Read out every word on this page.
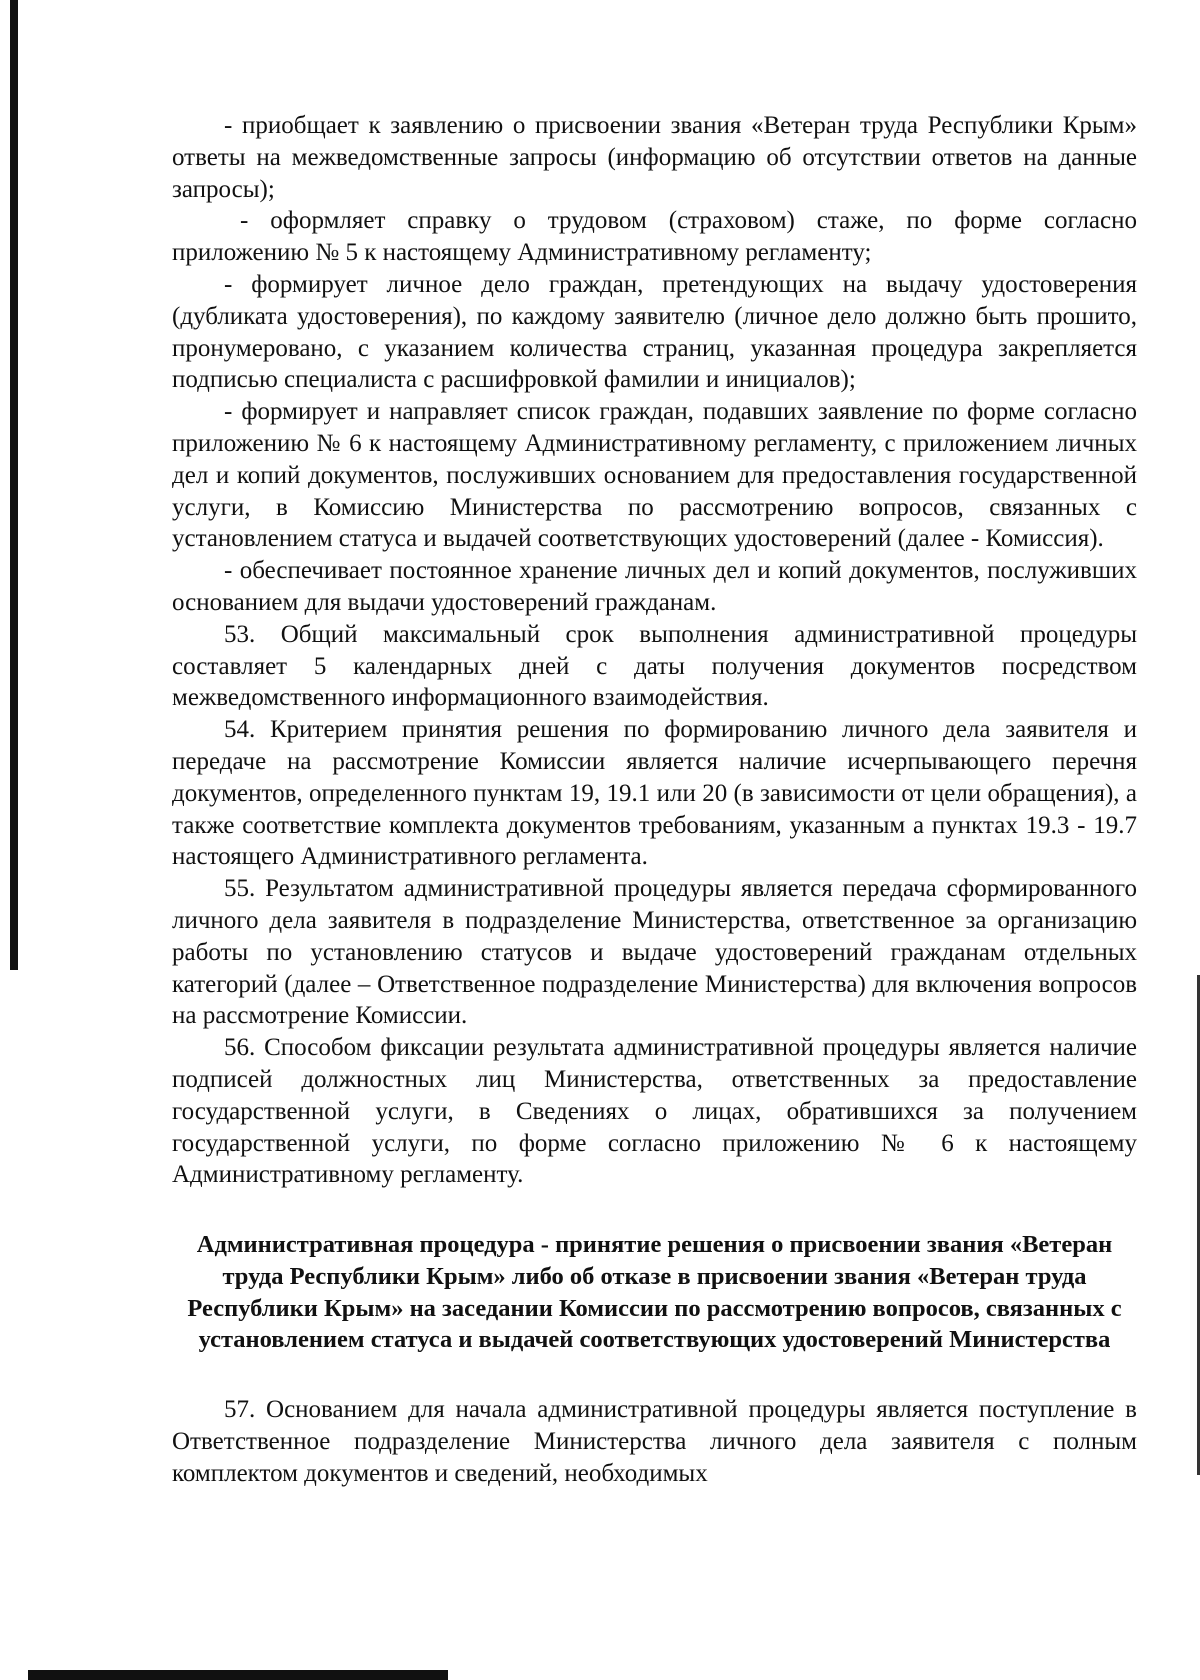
- приобщает к заявлению о присвоении звания «Ветеран труда Республики Крым» ответы на межведомственные запросы (информацию об отсутствии ответов на данные запросы);

- оформляет справку о трудовом (страховом) стаже, по форме согласно приложению № 5 к настоящему Административному регламенту;

- формирует личное дело граждан, претендующих на выдачу удостоверения (дубликата удостоверения), по каждому заявителю (личное дело должно быть прошито, пронумеровано, с указанием количества страниц, указанная процедура закрепляется подписью специалиста с расшифровкой фамилии и инициалов);

- формирует и направляет список граждан, подавших заявление по форме согласно приложению № 6 к настоящему Административному регламенту, с приложением личных дел и копий документов, послуживших основанием для предоставления государственной услуги, в Комиссию Министерства по рассмотрению вопросов, связанных с установлением статуса и выдачей соответствующих удостоверений (далее - Комиссия).

- обеспечивает постоянное хранение личных дел и копий документов, послуживших основанием для выдачи удостоверений гражданам.

53. Общий максимальный срок выполнения административной процедуры составляет 5 календарных дней с даты получения документов посредством межведомственного информационного взаимодействия.

54. Критерием принятия решения по формированию личного дела заявителя и передаче на рассмотрение Комиссии является наличие исчерпывающего перечня документов, определенного пунктам 19, 19.1 или 20 (в зависимости от цели обращения), а также соответствие комплекта документов требованиям, указанным а пунктах 19.3 - 19.7 настоящего Административного регламента.

55. Результатом административной процедуры является передача сформированного личного дела заявителя в подразделение Министерства, ответственное за организацию работы по установлению статусов и выдаче удостоверений гражданам отдельных категорий (далее – Ответственное подразделение Министерства) для включения вопросов на рассмотрение Комиссии.

56. Способом фиксации результата административной процедуры является наличие подписей должностных лиц Министерства, ответственных за предоставление государственной услуги, в Сведениях о лицах, обратившихся за получением государственной услуги, по форме согласно приложению № 6 к настоящему Административному регламенту.

Административная процедура - принятие решения о присвоении звания «Ветеран труда Республики Крым» либо об отказе в присвоении звания «Ветеран труда Республики Крым» на заседании Комиссии по рассмотрению вопросов, связанных с установлением статуса и выдачей соответствующих удостоверений Министерства

57. Основанием для начала административной процедуры является поступление в Ответственное подразделение Министерства личного дела заявителя с полным комплектом документов и сведений, необходимых
